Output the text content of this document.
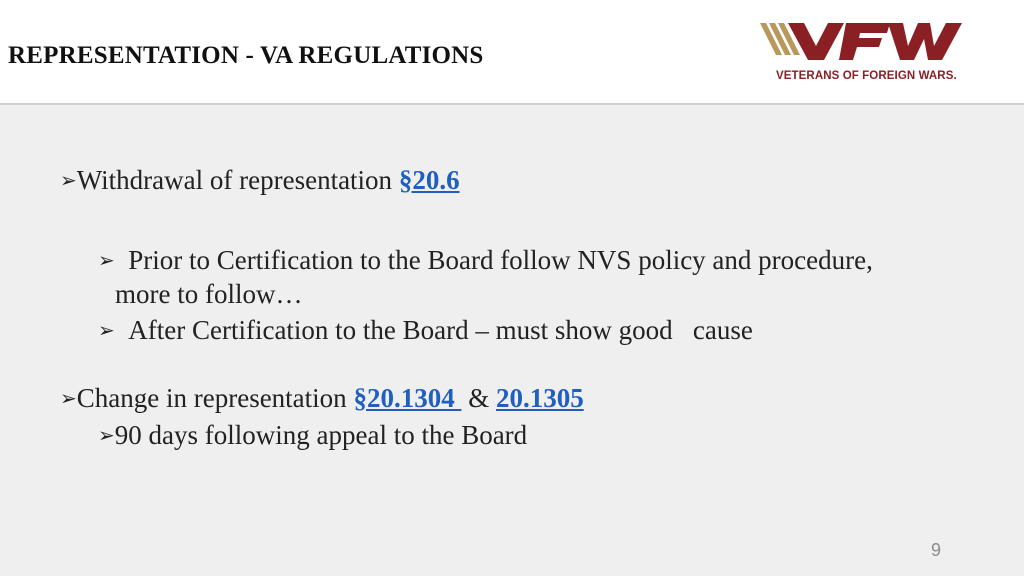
REPRESENTATION - VA REGULATIONS
VETERANS OF FOREIGN WARS.
➢Withdrawal of representation §20.6
➢ Prior to Certification to the Board follow NVS policy and procedure,
more to follow…
➢ After Certification to the Board – must show good   cause
➢Change in representation §20.1304  & 20.1305
➢90 days following appeal to the Board
9
